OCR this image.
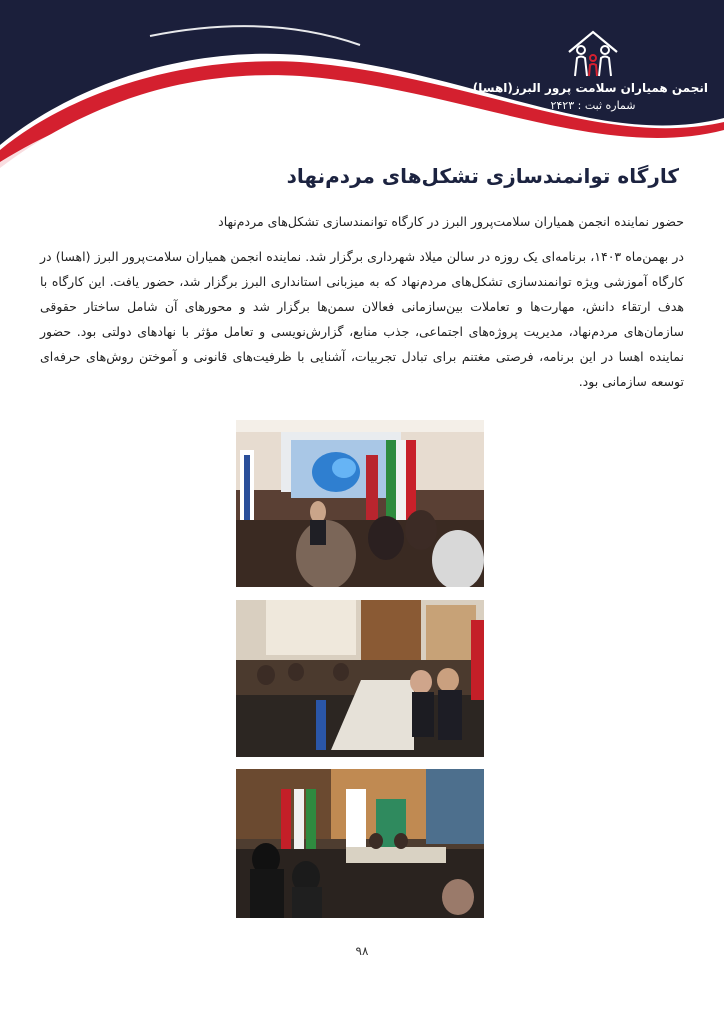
انجمن همیاران سلامت پرور البرز(اهسا)
شماره ثبت : ۲۴۲۳
کارگاه توانمندسازی تشکل‌های مردم‌نهاد
حضور نماینده انجمن همیاران سلامت‌پرور البرز در کارگاه توانمندسازی تشکل‌های مردم‌نهاد
در بهمن‌ماه ۱۴۰۳، برنامه‌ای یک روزه در سالن میلاد شهرداری برگزار شد. نماینده انجمن همیاران سلامت‌پرور البرز (اهسا) در کارگاه آموزشی ویژه توانمندسازی تشکل‌های مردم‌نهاد که به میزبانی استانداری البرز برگزار شد، حضور یافت. این کارگاه با هدف ارتقاء دانش، مهارت‌ها و تعاملات بین‌سازمانی فعالان سمن‌ها برگزار شد و محورهای آن شامل ساختار حقوقی سازمان‌های مردم‌نهاد، مدیریت پروژه‌های اجتماعی، جذب منابع، گزارش‌نویسی و تعامل مؤثر با نهادهای دولتی بود. حضور نماینده اهسا در این برنامه، فرصتی مغتنم برای تبادل تجربیات، آشنایی با ظرفیت‌های قانونی و آموختن روش‌های حرفه‌ای توسعه سازمانی بود.
۹۸
